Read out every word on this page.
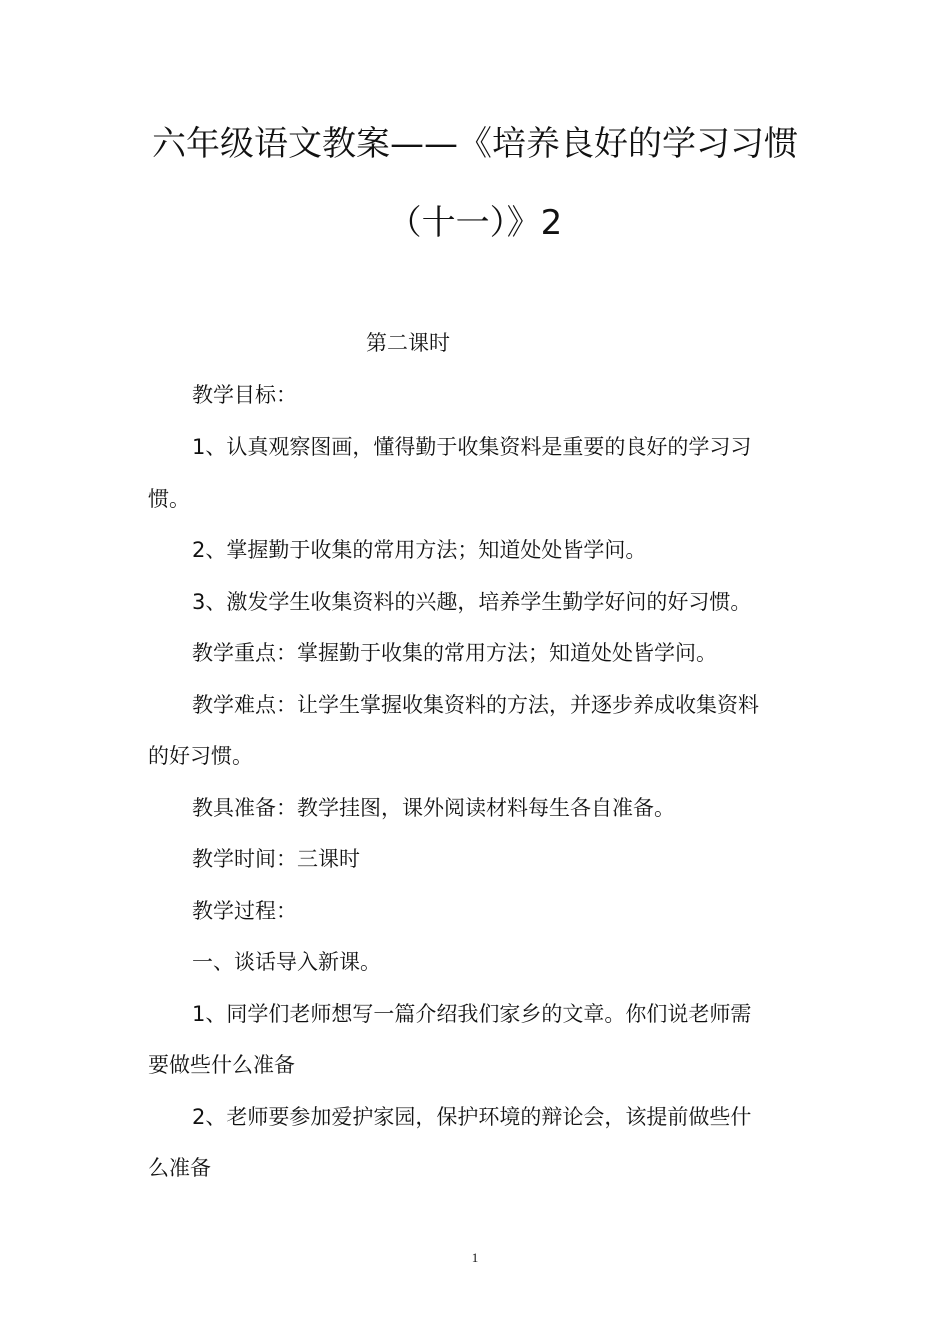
六年级语文教案——《培养良好的学习习惯
（十一）》2
第二课时
教学目标：
1、认真观察图画，懂得勤于收集资料是重要的良好的学习习
惯。
2、掌握勤于收集的常用方法；知道处处皆学问。
3、激发学生收集资料的兴趣，培养学生勤学好问的好习惯。
教学重点：掌握勤于收集的常用方法；知道处处皆学问。
教学难点：让学生掌握收集资料的方法，并逐步养成收集资料
的好习惯。
教具准备：教学挂图，课外阅读材料每生各自准备。
教学时间：三课时
教学过程：
一、谈话导入新课。
1、同学们老师想写一篇介绍我们家乡的文章。你们说老师需
要做些什么准备
2、老师要参加爱护家园，保护环境的辩论会，该提前做些什
么准备
1
